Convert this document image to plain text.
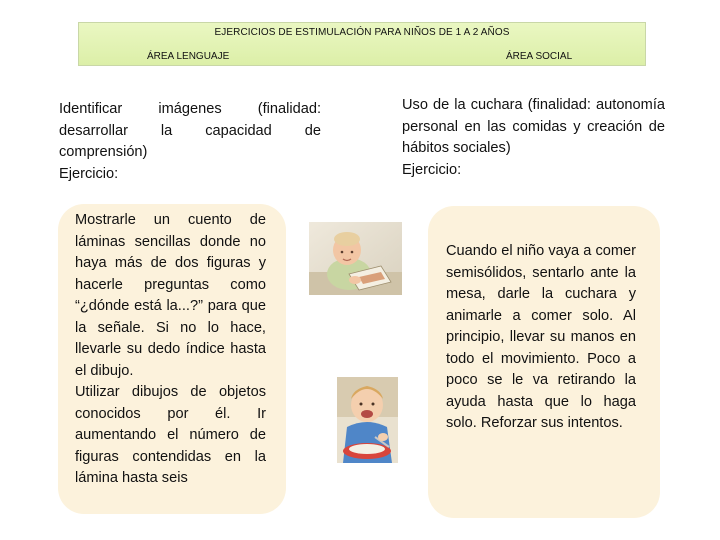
EJERCICIOS DE ESTIMULACIÓN PARA NIÑOS DE 1 A 2 AÑOS
ÁREA LENGUAJE	ÁREA SOCIAL
Identificar imágenes (finalidad: desarrollar la capacidad de comprensión)
Ejercicio:
Uso de la cuchara (finalidad: autonomía personal en las comidas y creación de hábitos sociales)
Ejercicio:

Mostrarle un cuento de láminas sencillas donde no haya más de dos figuras y hacerle preguntas como “¿dónde está la...?” para que la señale. Si no lo hace, llevarle su dedo índice hasta el dibujo.

Utilizar dibujos de objetos conocidos por él. Ir aumentando el número de figuras contendidas en la lámina hasta seis

Cuando el niño vaya a comer semisólidos, sentarlo ante la mesa, darle la cuchara y animarle a comer solo. Al principio, llevar su manos en todo el movimiento. Poco a poco se le va retirando la ayuda hasta que lo haga solo. Reforzar sus intentos.
